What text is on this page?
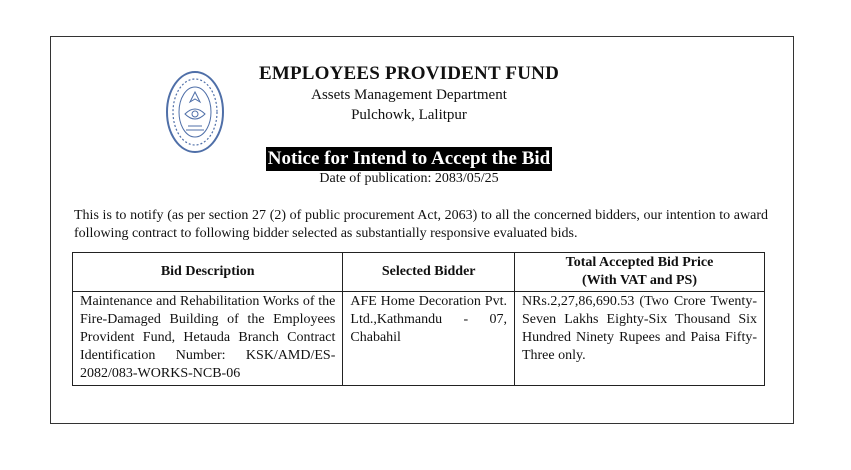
EMPLOYEES PROVIDENT FUND
Assets Management Department
Pulchowk, Lalitpur
Notice for Intend to Accept the Bid
Date of publication: 2083/05/25
This is to notify (as per section 27 (2) of public procurement Act, 2063) to all the concerned bidders, our intention to award following contract to following bidder selected as substantially responsive evaluated bids.
Bid Description	Selected Bidder	Total Accepted Bid Price
(With VAT and PS)

Maintenance and Rehabilitation Works of the Fire-Damaged Building of the Employees Provident Fund, Hetauda Branch Contract Identification Number: KSK/AMD/ES-2082/083-WORKS-NCB-06	AFE Home Decoration Pvt. Ltd.,Kathmandu - 07, Chabahil	NRs.2,27,86,690.53 (Two Crore Twenty-Seven Lakhs Eighty-Six Thousand Six Hundred Ninety Rupees and Paisa Fifty-Three only.
